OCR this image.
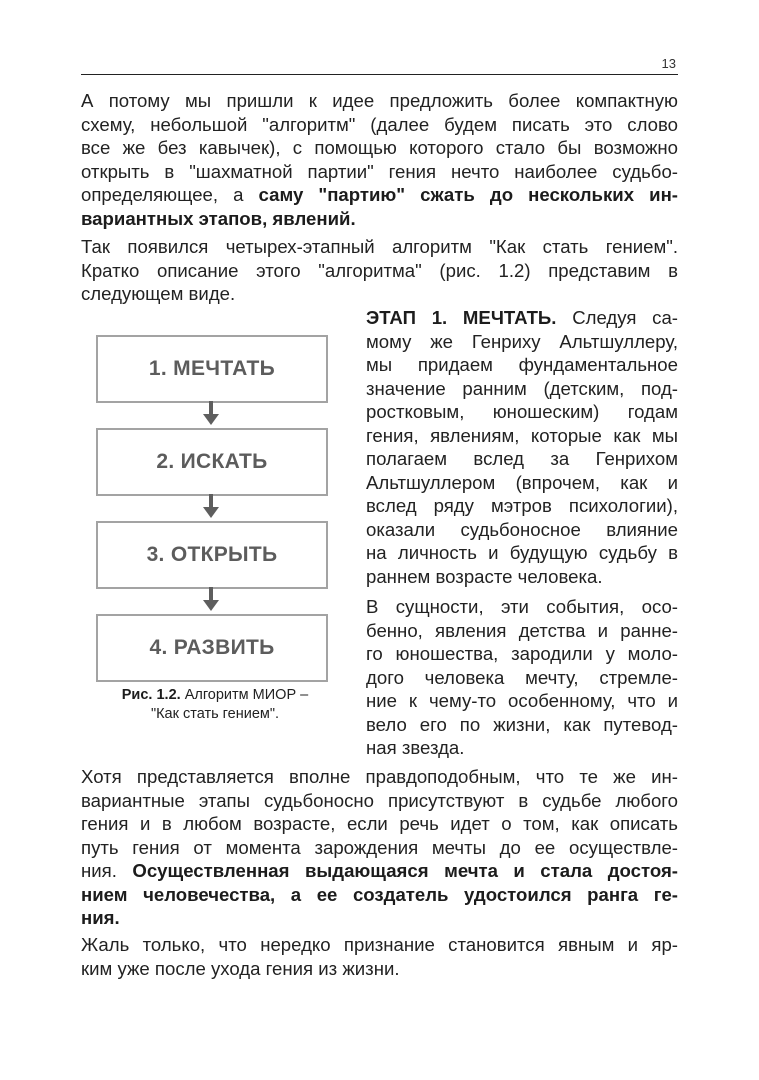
13
А потому мы пришли к идее предложить более компактную
схему, небольшой "алгоритм" (далее будем писать это слово
все же без кавычек), с помощью которого стало бы возможно
открыть в "шахматной партии" гения нечто наиболее судьбо-
определяющее, а саму "партию" сжать до нескольких ин-
вариантных этапов, явлений.
Так появился четырех-этапный алгоритм "Как стать гением".
Кратко описание этого "алгоритма" (рис. 1.2) представим в
следующем виде.
1. МЕЧТАТЬ
2. ИСКАТЬ
3. ОТКРЫТЬ
4. РАЗВИТЬ
Рис. 1.2. Алгоритм МИОР –
"Как стать гением".
ЭТАП 1. МЕЧТАТЬ. Следуя са-
мому же Генриху Альтшуллеру,
мы придаем фундаментальное
значение ранним (детским, под-
ростковым, юношеским) годам
гения, явлениям, которые как мы
полагаем вслед за Генрихом
Альтшуллером (впрочем, как и
вслед ряду мэтров психологии),
оказали судьбоносное влияние
на личность и будущую судьбу в
раннем возрасте человека.
В сущности, эти события, осо-
бенно, явления детства и ранне-
го юношества, зародили у моло-
дого человека мечту, стремле-
ние к чему-то особенному, что и
вело его по жизни, как путевод-
ная звезда.
Хотя представляется вполне правдоподобным, что те же ин-
вариантные этапы судьбоносно присутствуют в судьбе любого
гения и в любом возрасте, если речь идет о том, как описать
путь гения от момента зарождения мечты до ее осуществле-
ния. Осуществленная выдающаяся мечта и стала достоя-
нием человечества, а ее создатель удостоился ранга ге-
ния.
Жаль только, что нередко признание становится явным и яр-
ким уже после ухода гения из жизни.
